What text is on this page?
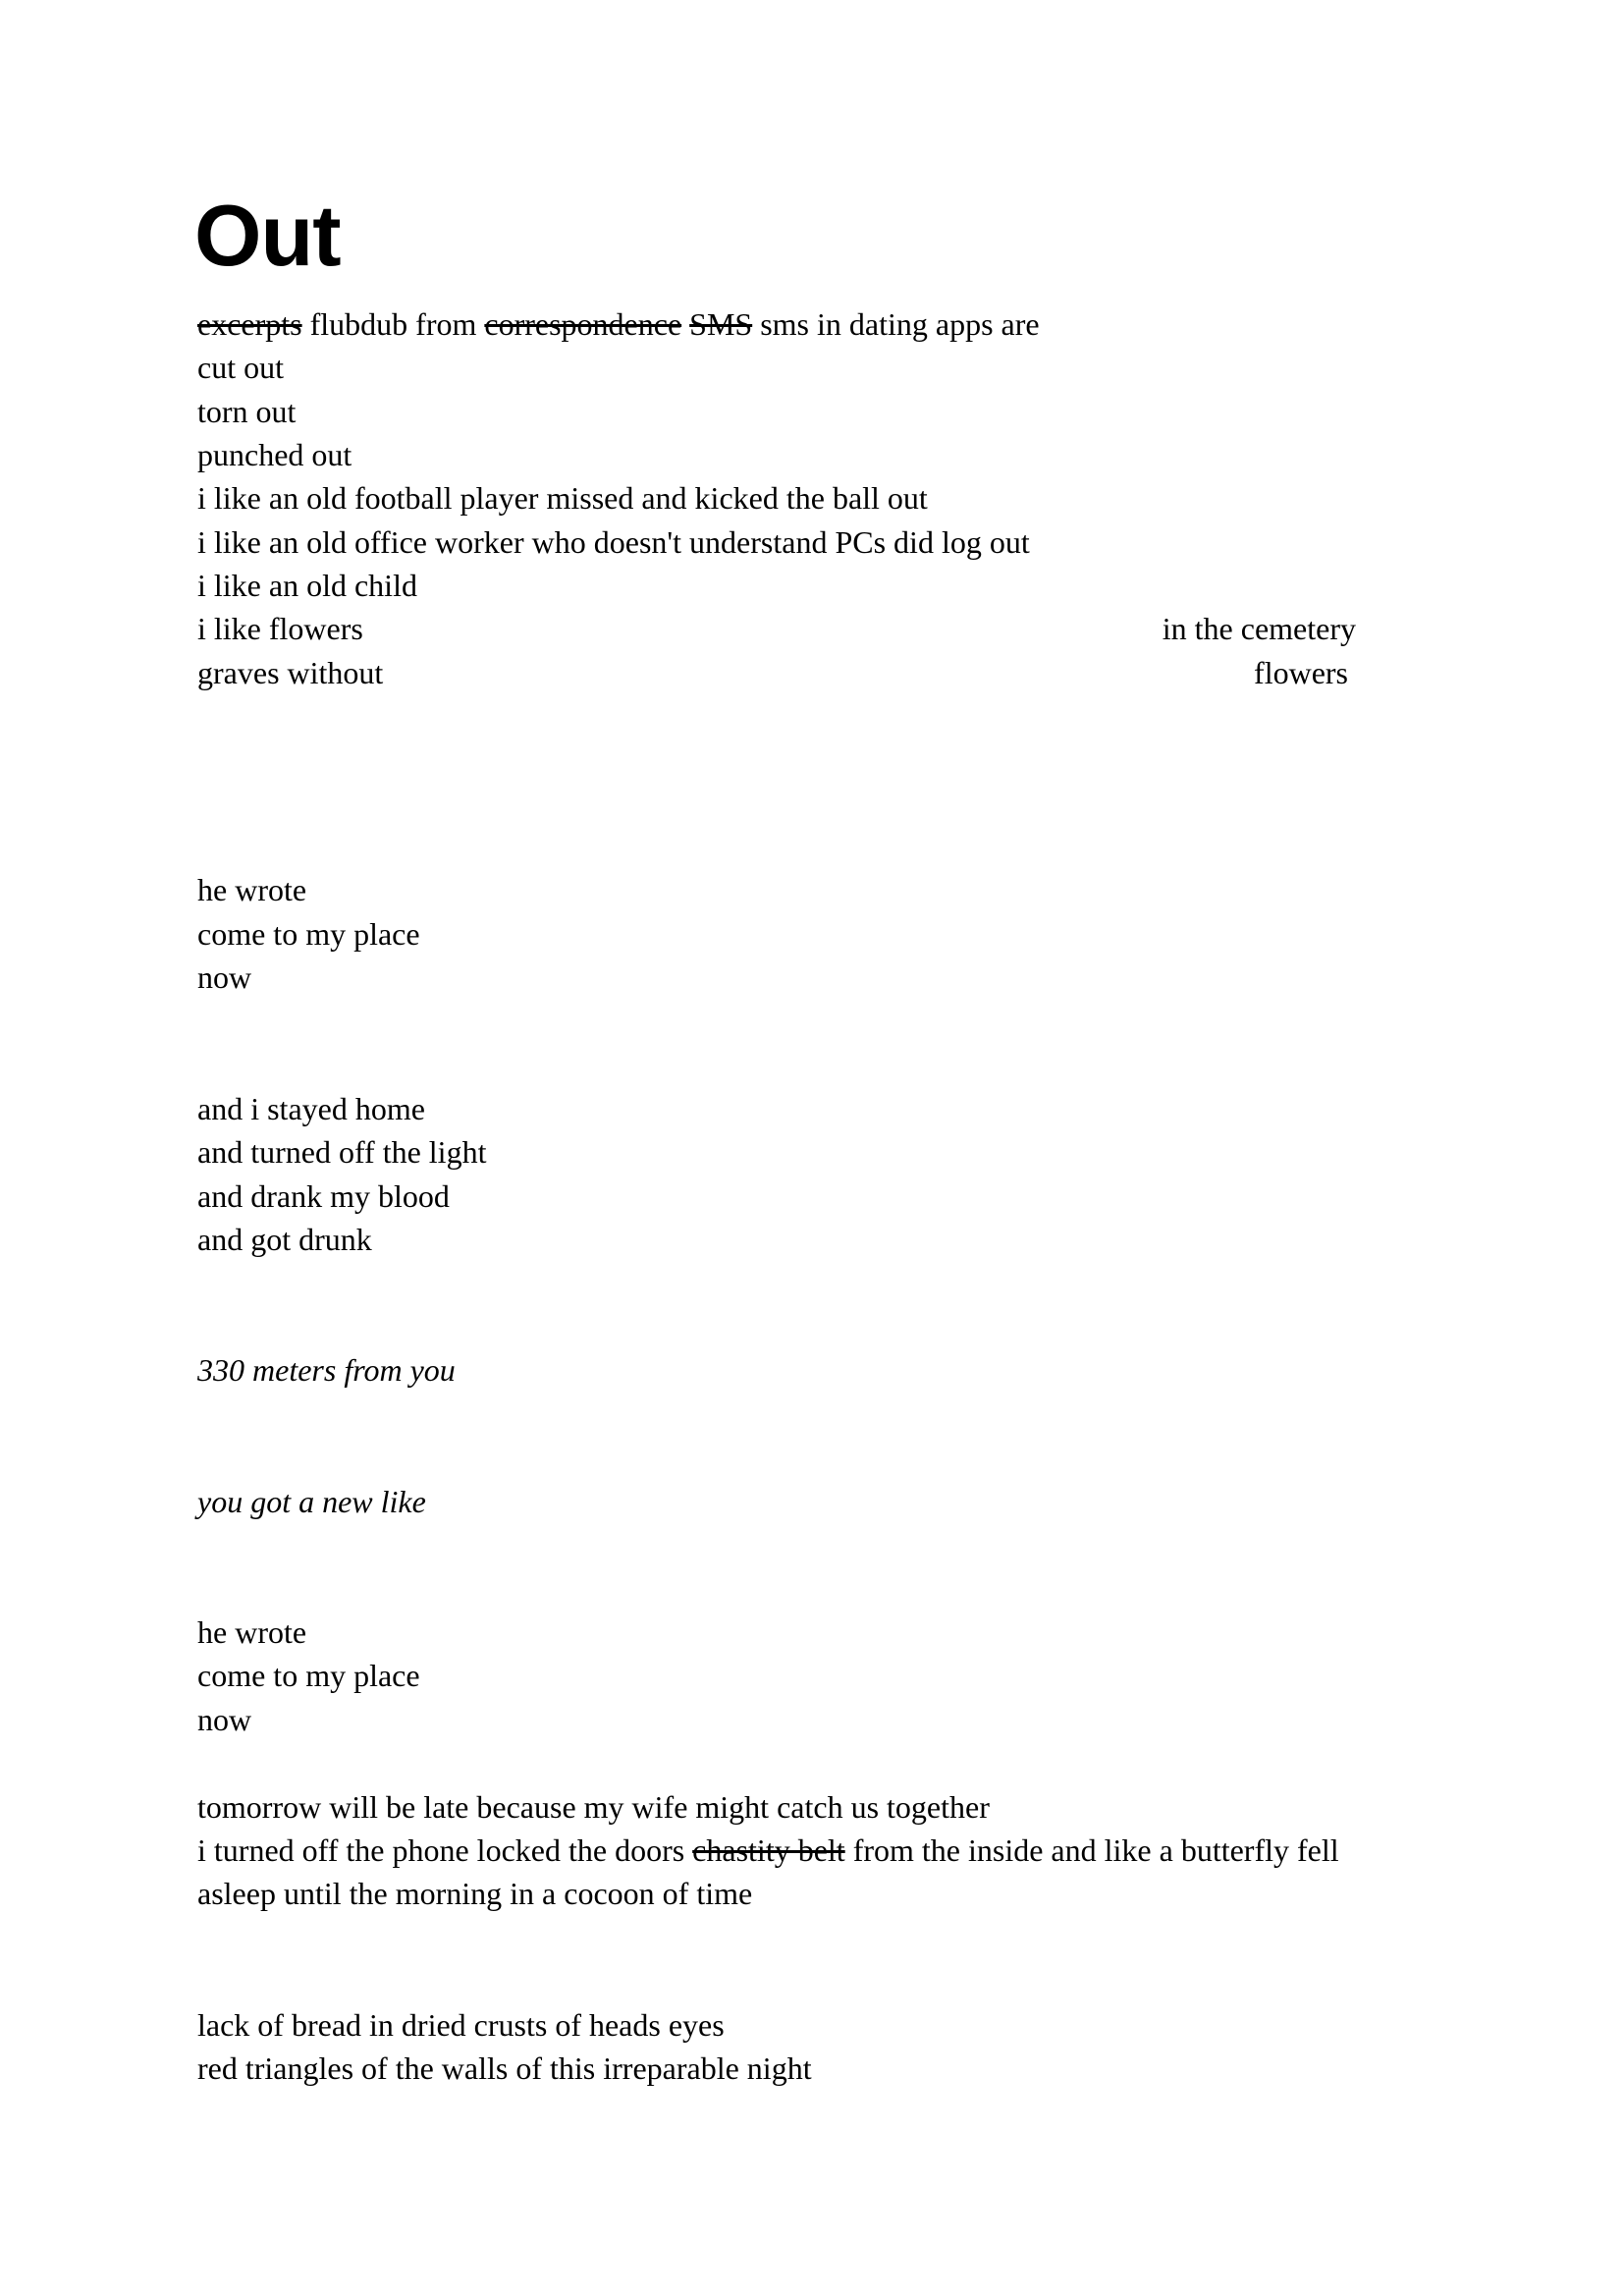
Out
excerpts flubdub from correspondence SMS sms in dating apps are
cut out
torn out
punched out
i like an old football player missed and kicked the ball out
i like an old office worker who doesn't understand PCs did log out
i like an old child
i like flowers	in the cemetery
graves without	flowers
he wrote
come to my place
now
and i stayed home
and turned off the light
and drank my blood
and got drunk
330 meters from you
you got a new like
he wrote
come to my place
now
tomorrow will be late because my wife might catch us together
i turned off the phone locked the doors chastity belt from the inside and like a butterfly fell
asleep until the morning in a cocoon of time
lack of bread in dried crusts of heads eyes
red triangles of the walls of this irreparable night
